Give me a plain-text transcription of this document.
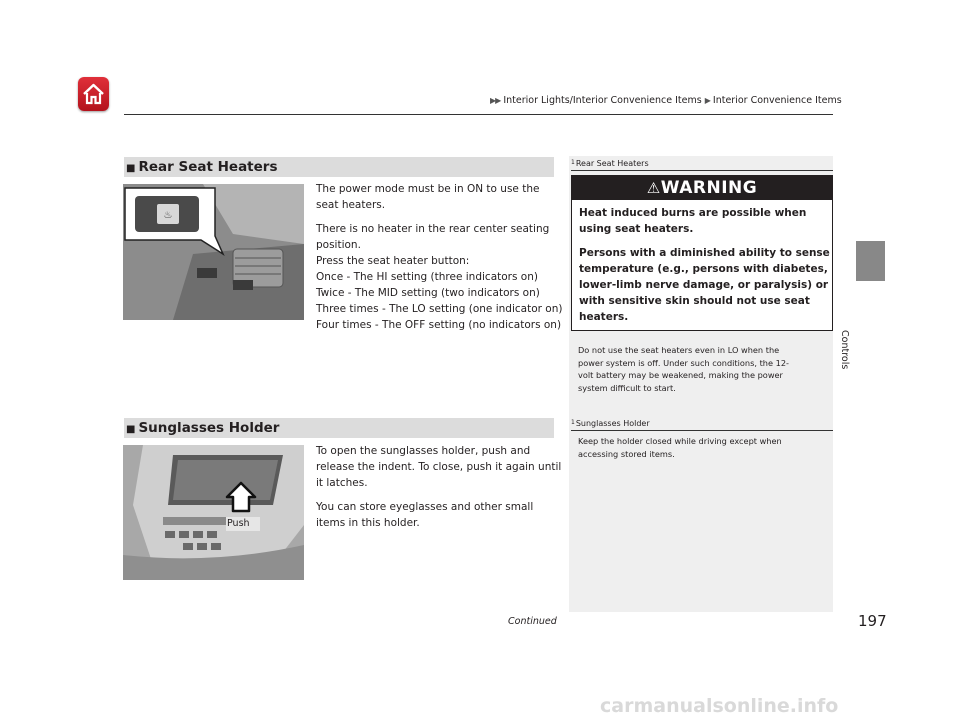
▶▶ Interior Lights/Interior Convenience Items ▶ Interior Convenience Items
Controls
■ Rear Seat Heaters
♨

The power mode must be in ON to use the
seat heaters.

There is no heater in the rear center seating
position.
Press the seat heater button:
Once - The HI setting (three indicators on)
Twice - The MID setting (two indicators on)
Three times - The LO setting (one indicator on)
Four times - The OFF setting (no indicators on)

$^1$Rear Seat Heaters
⚠WARNING

Heat induced burns are possible when
using seat heaters.

Persons with a diminished ability to sense
temperature (e.g., persons with diabetes,
lower-limb nerve damage, or paralysis) or
with sensitive skin should not use seat
heaters.

Do not use the seat heaters even in LO when the
power system is off. Under such conditions, the 12-
volt battery may be weakened, making the power
system difficult to start.
■ Sunglasses Holder
Push

To open the sunglasses holder, push and
release the indent. To close, push it again until
it latches.

You can store eyeglasses and other small
items in this holder.

$^1$Sunglasses Holder
Keep the holder closed while driving except when
accessing stored items.
Continued	197
carmanualsonline.info
